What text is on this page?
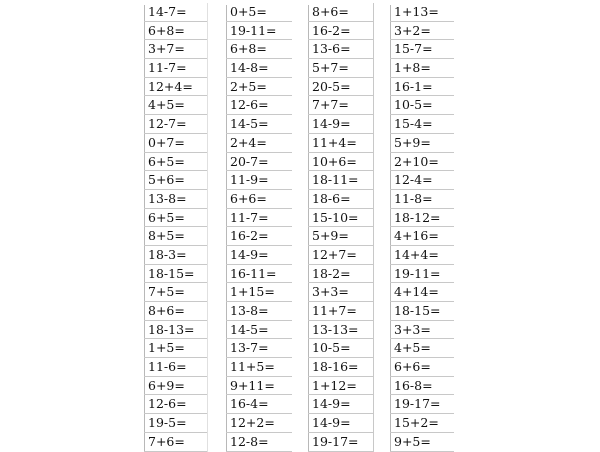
14-7=
6+8=
3+7=
11-7=
12+4=
4+5=
12-7=
0+7=
6+5=
5+6=
13-8=
6+5=
8+5=
18-3=
18-15=
7+5=
8+6=
18-13=
1+5=
11-6=
6+9=
12-6=
19-5=
7+6=
0+5=
19-11=
6+8=
14-8=
2+5=
12-6=
14-5=
2+4=
20-7=
11-9=
6+6=
11-7=
16-2=
14-9=
16-11=
1+15=
13-8=
14-5=
13-7=
11+5=
9+11=
16-4=
12+2=
12-8=
8+6=
16-2=
13-6=
5+7=
20-5=
7+7=
14-9=
11+4=
10+6=
18-11=
18-6=
15-10=
5+9=
12+7=
18-2=
3+3=
11+7=
13-13=
10-5=
18-16=
1+12=
14-9=
14-9=
19-17=
1+13=
3+2=
15-7=
1+8=
16-1=
10-5=
15-4=
5+9=
2+10=
12-4=
11-8=
18-12=
4+16=
14+4=
19-11=
4+14=
18-15=
3+3=
4+5=
6+6=
16-8=
19-17=
15+2=
9+5=
